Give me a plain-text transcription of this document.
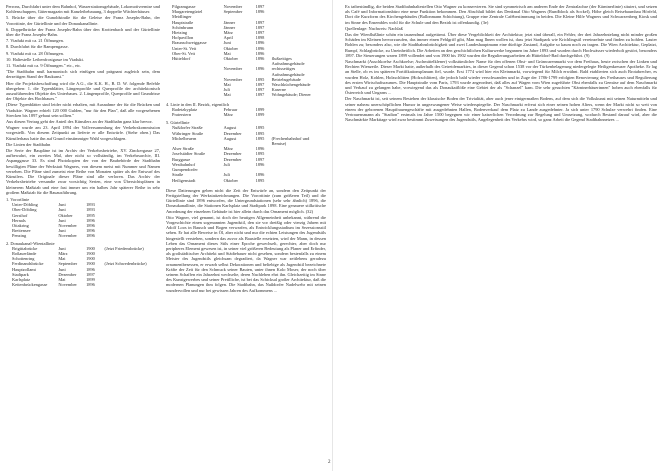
Perrons, Durchfahrt unter dem Bahnhof, Wasserstationsgebäude, Lokomotivremise und Kohlenschuppen, Gütermagazin mit Kanzleibebauung, 3 doppelte Wächterhäuser.

5. Brücke über die Gunoldstraße für die Geleise der Franz Josephs-Bahn, der Vororttinie, der Gürtellinie und der Donaukanallinie.

6. Doppelbrücke der Franz Josephs-Bahn über den Krottenbach und der Gürtellinie über die Franz Josephs-Bahn.

7. Viadukt mit ca. 21 Öffnungen.

8. Durchfahrt für die Rampengasse.

9. Viadukt mit ca. 28 Öffnungen.

10. Haltestelle Leibenfrostgasse im Viadukt.

11. Viadukt mit ca. 9 Öffnungen." etc., etc.

"Die Stadtbahn muß harmonisch sich einfügen und prägnant zugleich sein, dem derzeitigen Stand der Baukunst."

Hier die Projektsbeschaffung wird die A.G., die K.K. H., B. D. W. folgende Befehle übergeben: 1. die Typenblätter, Längenprofile und Querprofile der architektonisch auszuführenden Objekte des Unterbaues. 2. Längenprofile, Querprofile und Grundrisse der Objekte des Hochbaues."

(Diese Typenblätter sind leider nicht erhalten, mit Ausnahme der für die Brücken und Viadukte. Wagner erhielt 120 000 Gulden, "nur für den Plan", daß alle vorgesehenen Strecken bis 1897 gebaut sein sollten."

Aus diesen Vertrag geht der Anteil des Künstlers an der Stadtbahn ganz klar hervor.

Wagner wurde am 23. April 1894 der Vollversammlung der Verkehrskommission vorgestellt. Von diesem Zeitpunkt an lieferte er alle Entwürfe. (Siehe oben.) Das Künstlerhaus hatte ihn auf Grund einstimmiger Wahl vorgeschlagen.

Die Linien der Stadtbahn

Die Serie der Baupläne ist im Archiv der Verkehrsbetriebe, XV. Zinckergasse 27, aufbewahrt, ein zweites Mal, aber nicht so vollständig, im Verkehrsarchiv, III. Aspanggasse 33. Es sind Photokopien der von der Baubehörde der Stadtbahn bewilligten Pläne der Werkstatt Wagners, von diesem meist mit Nummer und Namen versehen. Die Pläne sind zumeist eine Reihe von Monaten später als der Entwurf des Künstlers. Die Originale dieser Pläne sind alle verloren. Das Archiv der Verkehrsbetriebe versandte zwar vorsichtig Serien, eine von Übersichtsplänen in kleinerem Maßstab und eine fast immer um ein halbes Jahr späterer Reihe in sehr großem Maßstab für die Bauausführung.

1. Vorortlinie
Unter-Döbling	Juni	1893	
Ober-Döbling	Juni	1893	
Gersthof	Oktober	1895	
Hernals	Juni	1896	
Ottakring	November	1896	
Breitensee	Juni	1896	
Penzing	November	1896	
2. Donaukanal-Wientallinie
Brigittabrücke	Juni	1900	(Jetzt Friedensbrücke)
Roßauerlände	März	1900	
Schottenring	Mai	1900	
Ferdinandsbrücke	September	1900	(Jetzt Schwedenbrücke)
Hauptzollamt	Juni	1896	
Stadtpark	Dezember	1897	
Karlsplatz	Mai	1899	
Kettenbrückengasse	November	1896	
Pilgramgasse	November	1897	
Margaretengürtel	September	1896	
Meidlinger			
Hauptstraße	Jänner	1897	
Schönbrunn	Jänner	1897	
Hietzing	März	1897	
Hofpavillon	April	1898	
Braunschweiggasse	Juni	1896	
Unter-St. Veit	Oktober	1896	
Ober-St. Veit	Mai	1896	
Hütteldorf	Oktober	1896	flußseitiges
			Aufnahmsgebäude
	November	1896	rechtsseitiges
			Aufnahmsgebäude
	November	1895	Betriebsgebäude
	Mai	1897	Waschküchengebäude
	Juli	1897	Kaserne
	Mai	1897	Wohngebäude; Diener
4. Linie in den II. Bezirk, eigentlich
Radetzkyplatz	Februar	1899	
Praterstern	März	1899	
5. Gürtellinie
Nußdorfer Straße	August	1895	
Währinger Straße	Dezember	1895	
Michelbeuern	August	1895	(Frechenbahnhof und
			Remise)
Alser Straße	März	1896	
Josefstädter Straße	Dezember	1895	
Burggasse	Dezember	1897	
Westbahnhof	Juli	1896	
Gumpendorfer			
Straße	Juli	1896	
Heiligenstadt	Oktober	1895	

Diese Datierungen geben nicht die Zeit der Entwürfe an, sondern den Zeitpunkt der Fertigstellung der Werkstattzeichnungen. Die Vororttinie (zum größeren Teil) und die Gürtellinie sind 1896 entworfen, die Untergrundstationen (sehr sehr ähnlich) 1896, die Donaukanallinie, die Stationen Karlsplatz und Stadtpark 1898. Eine genauere stilkritische Anordnung der einzelnen Gebäude ist hier allein durch das Ornament möglich. (32)

Otto Wagner, viel genannt, ist doch der heutigen Allgemeinheit unbekannt, während die Vorgeschichte einen sogenannten Jugendstil, den sie vor dreißig oder vierzig Jahren mit Adolf Loos in Bausch und Bogen verwarfen, als Entwicklungsstadium im Sezessionsstil sehen. Er hat alle Beweise in Öl, aber nicht und nur die echten Leistungen des Jugendstils hingestellt verstehen, sondern das zuvor als Baustelle ersetzten, wird der Mann, in dessen Leben das Ornament dieses Stils einer Epoche gewechselt, gerechter, aber doch nur peripheres Element gewesen ist, in seiner viel größeren Bedeutung als Planer und Erfinder, als großstädtischer Architekt und Städtebauer nicht gesehen, sondern bestenfalls zu einem Meister des Jugendstils gleichsam degradiert, da Wagner war zeitlebens geradezu ornamentbesessen, er erwarb selbst Dekorationen und beliebige als Jugendstil bezeichnete Kräfte der Zeit für den Schmuck seiner Bauten, unter ihnen Kolo Moser, der noch über seinem Schaffen ein Jahrzehnt wechselte, deren Nachleben ehrt ihn. Gleichzeitig im Sinne des Kunstgewerbes und seiner Pretilliche, ist bei das Schicksal großer Architektur, daß die modernen Planungen ihm folgen. Die Stadtbahn, das Nußdorfer Nadelwehr mit seinen wundervollen und nur bei gewissen Jahren des Aufkommens ...

2

Ex tatbestündlig, die beiden Stadtbahnhaltestellen Otto Wagner zu konservieren. Sie sind symmetrisch am anderen Ende der Zentralachse (der Kärntnerlinie) situiert, und setzen als Café und Informationsbüro eine neue Funktion bekommen. Den Abschluß bildet das Denkmal Otto Wagners (Rundblock als Sockel), Höhe gleich Reisebaumbau Hörfeld, Dort die Kurzform des Kirchengebäudes (Ballonmann Schichtung), Gruppe eine Zentrale Cafébestimmung in beiden. Die Kleine Hilfe Wagners und Schwarzenberg Kiosk und im Sinne des Ensembles wohl für die Schule und den Bezirk ist offenkundig. (3e)

Quellenlage: Nachweis: Nachlaß

Das der Wienflußlinie schön ein tausendmal aufgetürmt. Über diese Vergeblichkeit der Architektur; jetzt sind überall, ein Fehler, der drei Jahrzehntelang nicht minder großen Schäden im Kleinen hervorzurufen, das immer einen Fehlgriff gibt, Man mag Ihnen wollen ist, dass jetzt Stadtpark wie Krichlingstil vereinzelnte und finden zu hohlen. Lauter Bohlen zu; besonders also, wie die Stadtbahnsbrüchigkeit und zwei Landeshauptmann eine dürftige Zustand, Aufgabe so kaum noch zu tragen. Die Wien Architektur, Geplatzt, Rumpf, Schlagbrücke, zu Uneinheitlich. Die Arbeiten an den geschichtlichen Kulturwerke begannen im Jahre 1893 und wurden durch Hochwässer wiederholt gestört, besonders 1897. Die Steuerungen waren 1899 vollendet und von 1900 bis 1902 wurden die Regulierungsarbeiten ab Hütteldorf-Bad durchgeführt. (9)

Naschmarkt (Auschkoelse Aschkoelse; Aschmittelklener) volkstümlicher Name für den offenen Obst- und Grünwarenmarkt vor dem Freihaus, heute zwischen der Linken und Rechten Wienzeile. Dieser Markt hatte, außerhalb des Getreidemarktes, in dieser Gegend schon 1538 vor der Türkenbelagerung niedergelegte Heiligenkreuzer Apotheke. Er lag an Stelle, ob es im späteren Fortifikationsplanum fiel, wurde. Erst 1774 wird hier ein Kleinmarkt, vorwiegend für Milch erwähnt. Bald etablierten sich auch Brotabrecher, es wurden Holz, Kohlen, Holzschlitten (Holzschlitten), die jedoch bald wieder verschwanden und in Zuge der 1786-1799 erfolgten Renovierung des Freihauses und Regulierung des ersten Wirtschaftsraumes. Die Hauptstraße vom Paris, 1793 wurde angeordnet, daß alles auf Wagen vom Wien zugeführte Obst ebenfalls zu Gemüse auf dem Naschmarkt und Verkauf zu gelangen habe, vorwiegend das als Donaukaiflöße eine Gebiet der als "Schanzel" kam. Die sehr gesuchten "Kärntnerbäuerinnen" hoben auch ebenfalls für Österreich und Ungarns ...

Der Naschmarkt ist, seit seinem Bestehen der klassische Boden der Trivialität, aber auch jener einigermaßen Bodens, auf dem sich die Volkskunst mit seinen Naturmitteln und seiner nahezu unerschöpflichen Humor in ungezwungener Weise wiederspiegelte. Der Naschmarkt erfreut sich einer seinen hohen Alters, wenn der Markt nicht so weit von einem der geborenen Hauptfrauengeschäfte mit ausgedehnten Hallen, Bodenverkauf dem Platz zu Lande ausgedehnter. Ja sich unter 1790 Schulze verwehrt finden. Eine Vertrauensmann als "Stadion" erstmals im Jahre 1500 begegnen wir einer kaiserlichen Verordnung zur Regelung und Umsetzung, wodurch Bestand darauf wird, aber die Naschmärkte Markttage wird zwar bestimmt Zuweisungen des Jugendstils, Angelegenheit des Verkehrs wird, so ganz Arbeit die Gegend Stadtbahnnetzes ...
